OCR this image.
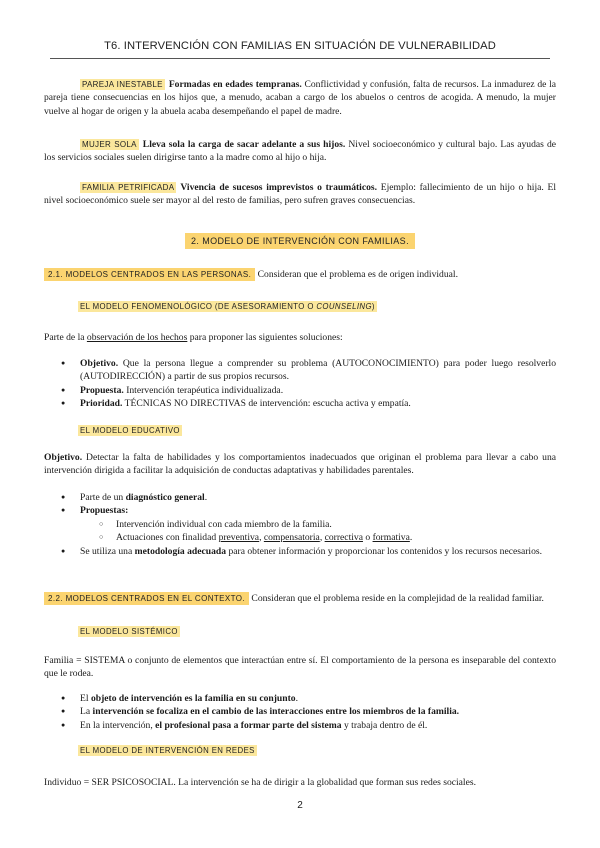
T6. INTERVENCIÓN CON FAMILIAS EN SITUACIÓN DE VULNERABILIDAD
PAREJA INESTABLE Formadas en edades tempranas. Conflictividad y confusión, falta de recursos. La inmadurez de la pareja tiene consecuencias en los hijos que, a menudo, acaban a cargo de los abuelos o centros de acogida. A menudo, la mujer vuelve al hogar de origen y la abuela acaba desempeñando el papel de madre.
MUJER SOLA Lleva sola la carga de sacar adelante a sus hijos. Nivel socioeconómico y cultural bajo. Las ayudas de los servicios sociales suelen dirigirse tanto a la madre como al hijo o hija.
FAMILIA PETRIFICADA Vivencia de sucesos imprevistos o traumáticos. Ejemplo: fallecimiento de un hijo o hija. El nivel socioeconómico suele ser mayor al del resto de familias, pero sufren graves consecuencias.
2. MODELO DE INTERVENCIÓN CON FAMILIAS.
2.1. MODELOS CENTRADOS EN LAS PERSONAS. Consideran que el problema es de origen individual.
EL MODELO FENOMENOLÓGICO (DE ASESORAMIENTO O COUNSELING)
Parte de la observación de los hechos para proponer las siguientes soluciones:
● Objetivo. Que la persona llegue a comprender su problema (AUTOCONOCIMIENTO) para poder luego resolverlo (AUTODIRECCIÓN) a partir de sus propios recursos.
● Propuesta. Intervención terapéutica individualizada.
● Prioridad. TÉCNICAS NO DIRECTIVAS de intervención: escucha activa y empatía.
EL MODELO EDUCATIVO
Objetivo. Detectar la falta de habilidades y los comportamientos inadecuados que originan el problema para llevar a cabo una intervención dirigida a facilitar la adquisición de conductas adaptativas y habilidades parentales.
● Parte de un diagnóstico general.
● Propuestas:
○ Intervención individual con cada miembro de la familia.
○ Actuaciones con finalidad preventiva, compensatoria, correctiva o formativa.
● Se utiliza una metodología adecuada para obtener información y proporcionar los contenidos y los recursos necesarios.
2.2. MODELOS CENTRADOS EN EL CONTEXTO. Consideran que el problema reside en la complejidad de la realidad familiar.
EL MODELO SISTÉMICO
Familia = SISTEMA o conjunto de elementos que interactúan entre sí. El comportamiento de la persona es inseparable del contexto que le rodea.
● El objeto de intervención es la familia en su conjunto.
● La intervención se focaliza en el cambio de las interacciones entre los miembros de la familia.
● En la intervención, el profesional pasa a formar parte del sistema y trabaja dentro de él.
EL MODELO DE INTERVENCIÓN EN REDES
Individuo = SER PSICOSOCIAL. La intervención se ha de dirigir a la globalidad que forman sus redes sociales.
2
